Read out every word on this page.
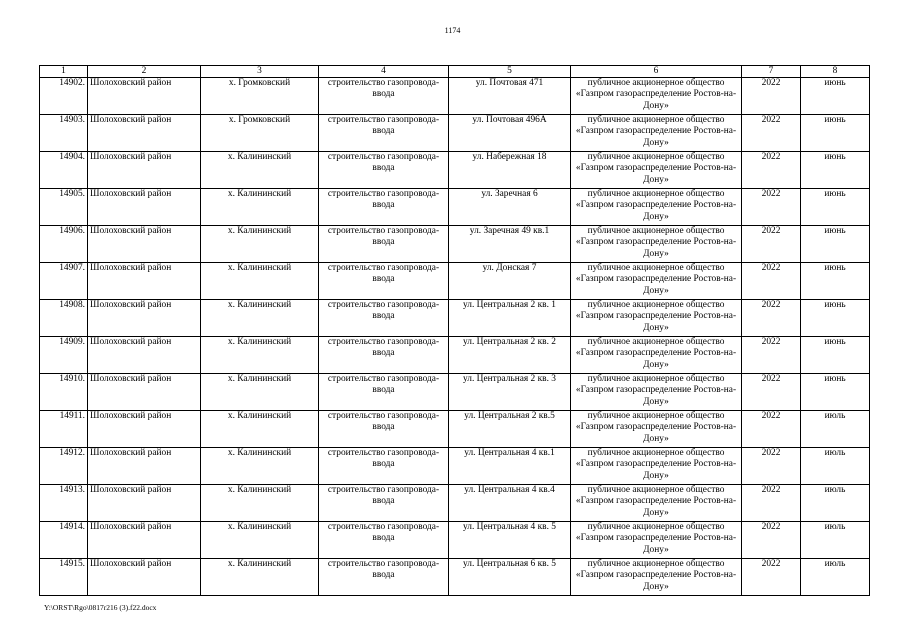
1174
1	2	3	4	5	6	7	8
14902.	Шолоховский район	х. Громковский	строительство газопровода-ввода	ул. Почтовая 471	публичное акционерное общество «Газпром газораспределение Ростов-на-Дону»	2022	июнь
14903.	Шолоховский район	х. Громковский	строительство газопровода-ввода	ул. Почтовая 496А	публичное акционерное общество «Газпром газораспределение Ростов-на-Дону»	2022	июнь
14904.	Шолоховский район	х. Калининский	строительство газопровода-ввода	ул. Набережная 18	публичное акционерное общество «Газпром газораспределение Ростов-на-Дону»	2022	июнь
14905.	Шолоховский район	х. Калининский	строительство газопровода-ввода	ул. Заречная 6	публичное акционерное общество «Газпром газораспределение Ростов-на-Дону»	2022	июнь
14906.	Шолоховский район	х. Калининский	строительство газопровода-ввода	ул. Заречная 49 кв.1	публичное акционерное общество «Газпром газораспределение Ростов-на-Дону»	2022	июнь
14907.	Шолоховский район	х. Калининский	строительство газопровода-ввода	ул. Донская 7	публичное акционерное общество «Газпром газораспределение Ростов-на-Дону»	2022	июнь
14908.	Шолоховский район	х. Калининский	строительство газопровода-ввода	ул. Центральная 2 кв. 1	публичное акционерное общество «Газпром газораспределение Ростов-на-Дону»	2022	июнь
14909.	Шолоховский район	х. Калининский	строительство газопровода-ввода	ул. Центральная 2 кв. 2	публичное акционерное общество «Газпром газораспределение Ростов-на-Дону»	2022	июнь
14910.	Шолоховский район	х. Калининский	строительство газопровода-ввода	ул. Центральная 2 кв. 3	публичное акционерное общество «Газпром газораспределение Ростов-на-Дону»	2022	июнь
14911.	Шолоховский район	х. Калининский	строительство газопровода-ввода	ул. Центральная 2 кв.5	публичное акционерное общество «Газпром газораспределение Ростов-на-Дону»	2022	июль
14912.	Шолоховский район	х. Калининский	строительство газопровода-ввода	ул. Центральная 4 кв.1	публичное акционерное общество «Газпром газораспределение Ростов-на-Дону»	2022	июль
14913.	Шолоховский район	х. Калининский	строительство газопровода-ввода	ул. Центральная 4 кв.4	публичное акционерное общество «Газпром газораспределение Ростов-на-Дону»	2022	июль
14914.	Шолоховский район	х. Калининский	строительство газопровода-ввода	ул. Центральная 4 кв. 5	публичное акционерное общество «Газпром газораспределение Ростов-на-Дону»	2022	июль
14915.	Шолоховский район	х. Калининский	строительство газопровода-ввода	ул. Центральная 6 кв. 5	публичное акционерное общество «Газпром газораспределение Ростов-на-Дону»	2022	июль
Y:\ORST\Rgo\0817r216 (3).f22.docx
